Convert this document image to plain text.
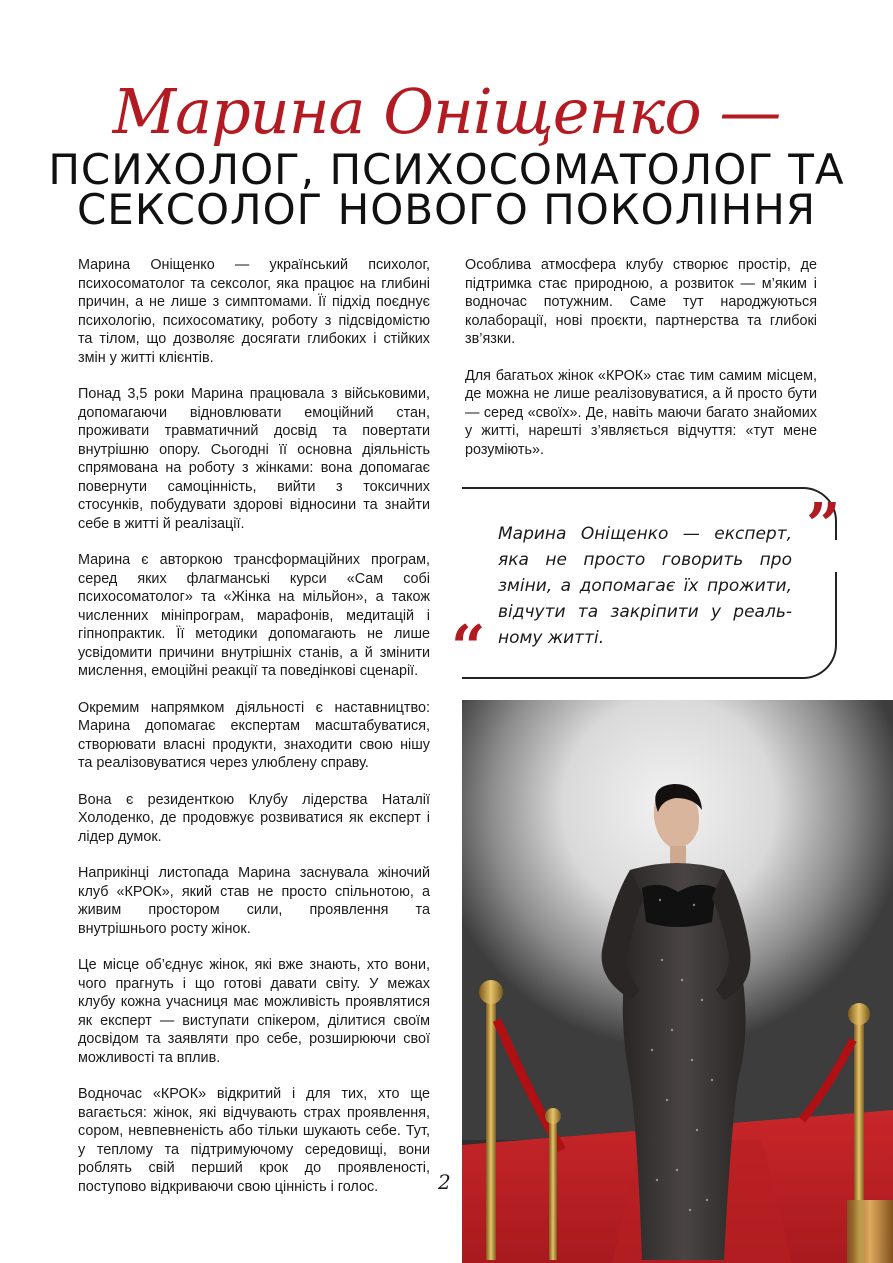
Марина Оніщенко —
ПСИХОЛОГ, ПСИХОСОМАТОЛОГ ТА
СЕКСОЛОГ НОВОГО ПОКОЛІННЯ

Марина Оніщенко — український психолог, психосоматолог та сексолог, яка працює на глибині причин, а не лише з симптомами. Її підхід поєднує психологію, психосоматику, роботу з підсвідомістю та тілом, що дозволяє досягати глибоких і стійких змін у житті клієнтів.

Понад 3,5 роки Марина працювала з військовими, допомагаючи відновлювати емоційний стан, проживати травматичний досвід та повертати внутрішню опору. Сьогодні її основна діяльність спрямована на роботу з жінками: вона допомагає повернути самоцінність, вийти з токсичних стосунків, побудувати здорові відносини та знайти себе в житті й реалізації.

Марина є авторкою трансформаційних програм, серед яких флагманські курси «Сам собі психосоматолог» та «Жінка на мільйон», а також численних мініпрограм, марафонів, медитацій і гіпнопрактик. Її методики допомагають не лише усвідомити причини внутрішніх станів, а й змінити мислення, емоційні реакції та поведінкові сценарії.

Окремим напрямком діяльності є наставництво: Марина допомагає експертам масштабуватися, створювати власні продукти, знаходити свою нішу та реалізовуватися через улюблену справу.

Вона є резиденткою Клубу лідерства Наталії Холоденко, де продовжує розвиватися як експерт і лідер думок.

Наприкінці листопада Марина заснувала жіночий клуб «КРОК», який став не просто спільнотою, а живим простором сили, проявлення та внутрішнього росту жінок.

Це місце об’єднує жінок, які вже знають, хто вони, чого прагнуть і що готові давати світу. У межах клубу кожна учасниця має можливість проявлятися як експерт — виступати спікером, ділитися своїм досвідом та заявляти про себе, розширюючи свої можливості та вплив.

Водночас «КРОК» відкритий і для тих, хто ще вагається: жінок, які відчувають страх проявлення, сором, невпевненість або тільки шукають себе. Тут, у теплому та підтримуючому середовищі, вони роблять свій перший крок до проявленості, поступово відкриваючи свою цінність і голос.

Особлива атмосфера клубу створює простір, де підтримка стає природною, а розвиток — м’яким і водночас потужним. Саме тут народжуються колаборації, нові проєкти, партнерства та глибокі зв’язки.

Для багатьох жінок «КРОК» стає тим самим місцем, де можна не лише реалізовуватися, а й просто бути — серед «своїх». Де, навіть маючи багато знайомих у житті, нарешті з’являється відчуття: «тут мене розуміють».

”
“
Марина Оніщенко — експерт, яка не просто говорить про зміни, а допомагає їх прожити, відчути та закріпити у реальному житті.
2
